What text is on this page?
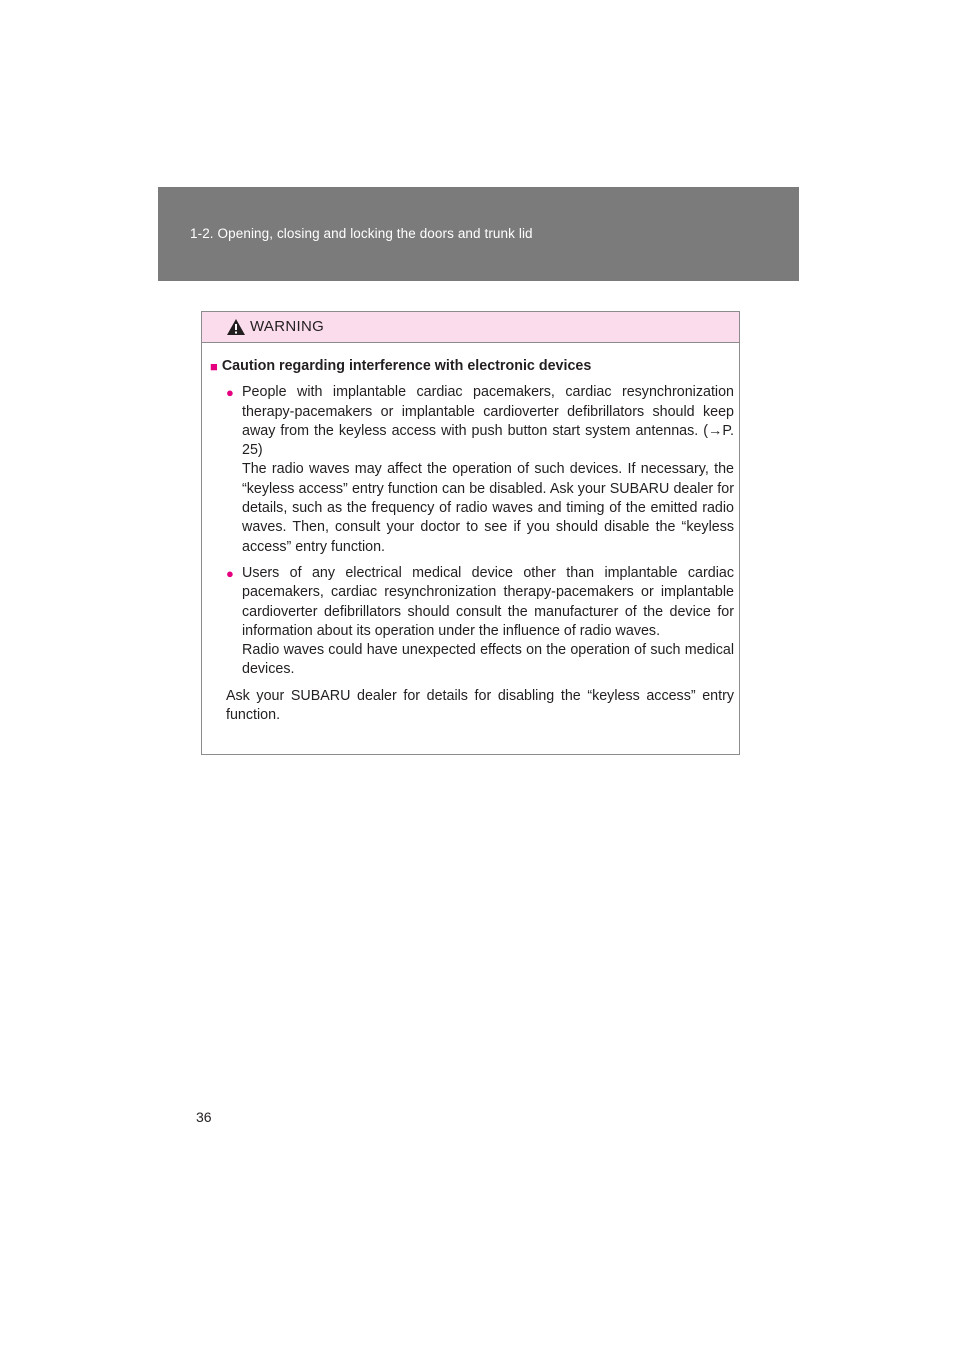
1-2. Opening, closing and locking the doors and trunk lid
WARNING
■ Caution regarding interference with electronic devices
● People with implantable cardiac pacemakers, cardiac resynchronization therapy-pacemakers or implantable cardioverter defibrillators should keep away from the keyless access with push button start system antennas. (→P. 25)

The radio waves may affect the operation of such devices. If necessary, the “keyless access” entry function can be disabled. Ask your SUBARU dealer for details, such as the frequency of radio waves and timing of the emitted radio waves. Then, consult your doctor to see if you should disable the “keyless access” entry function.

● Users of any electrical medical device other than implantable cardiac pacemakers, cardiac resynchronization therapy-pacemakers or implantable cardioverter defibrillators should consult the manufacturer of the device for information about its operation under the influence of radio waves.

Radio waves could have unexpected effects on the operation of such medical devices.

Ask your SUBARU dealer for details for disabling the “keyless access” entry function.
36
